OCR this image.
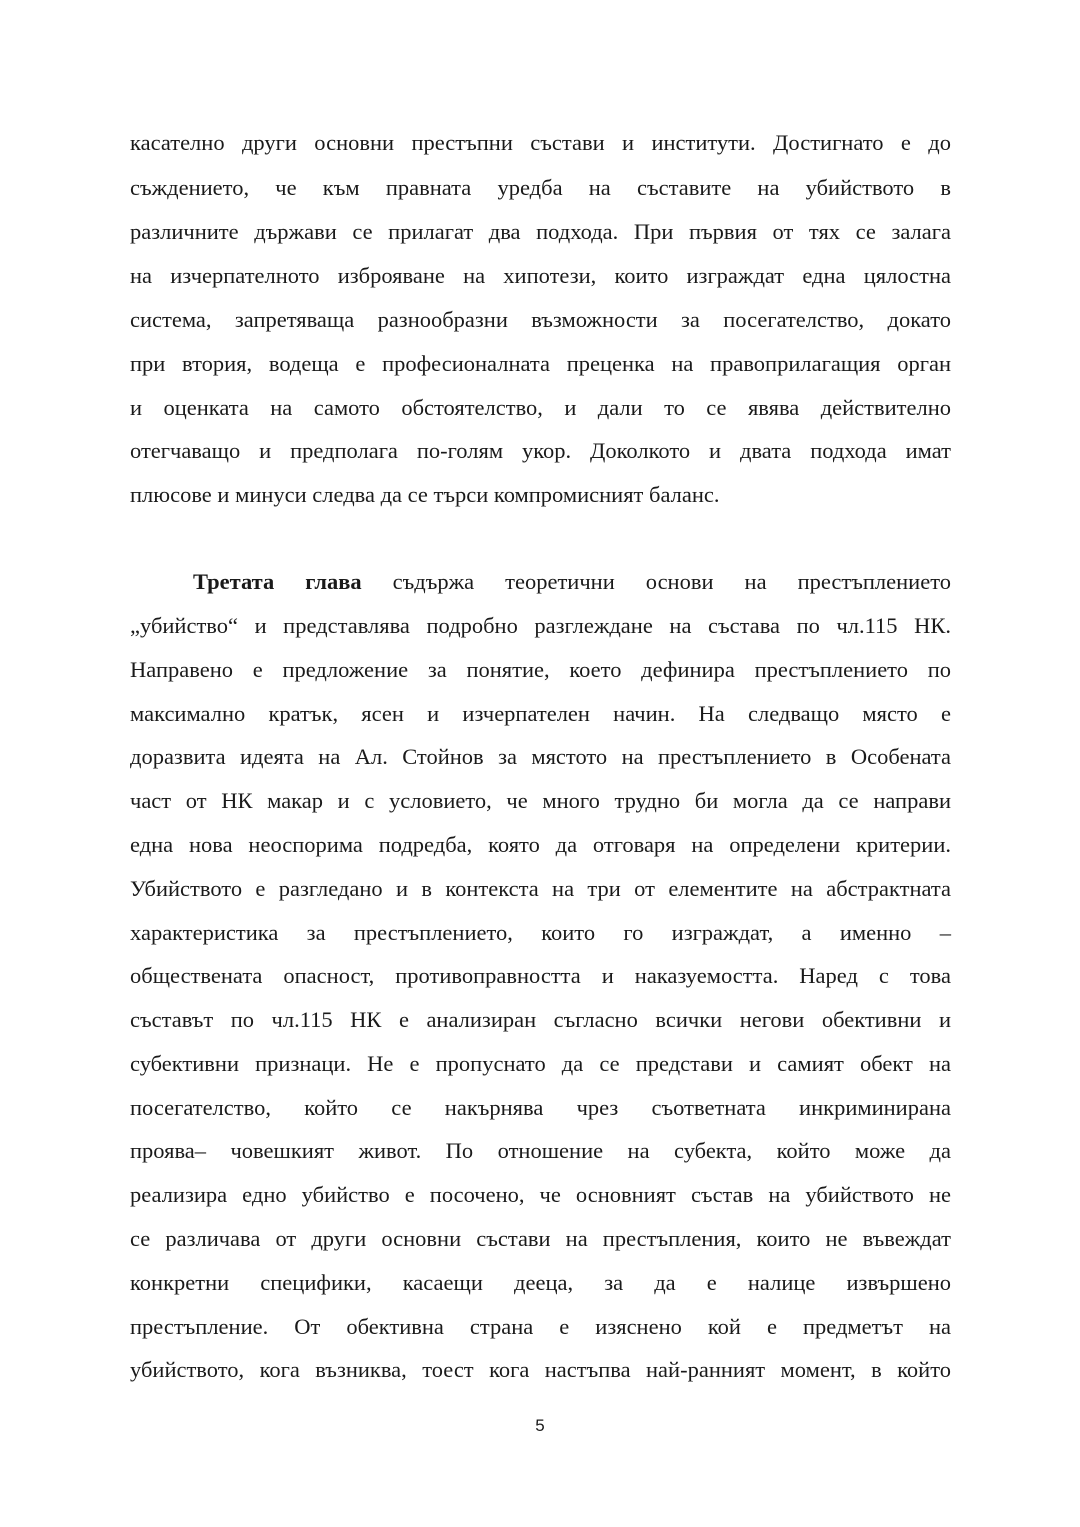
касателно други основни престъпни състави и институти. Достигнато е до
съждението, че към правната уредба на съставите на убийството в
различните държави се прилагат два подхода. При първия от тях се залага
на изчерпателното изброяване на хипотези, които изграждат една цялостна
система, запретяваща разнообразни възможности за посегателство, докато
при втория, водеща е професионалната преценка на правоприлагащия орган
и оценката на самото обстоятелство, и дали то се явява действително
отегчаващо и предполага по-голям укор. Доколкото и двата подхода имат
плюсове и минуси следва да се търси компромисният баланс.
Третата глава съдържа теоретични основи на престъплението
„убийство“ и представлява подробно разглеждане на състава по чл.115 НК.
Направено е предложение за понятие, което дефинира престъплението по
максимално кратък, ясен и изчерпателен начин. На следващо място е
доразвита идеята на Ал. Стойнов за мястото на престъплението в Особената
част от НК макар и с условието, че много трудно би могла да се направи
една нова неоспорима подредба, която да отговаря на определени критерии.
Убийството е разгледано и в контекста на три от елементите на абстрактната
характеристика за престъплението, които го изграждат, а именно –
обществената опасност, противоправността и наказуемостта. Наред с това
съставът по чл.115 НК е анализиран съгласно всички негови обективни и
субективни признаци. Не е пропуснато да се представи и самият обект на
посегателство, който се накърнява чрез съответната инкриминирана
проява– човешкият живот. По отношение на субекта, който може да
реализира едно убийство е посочено, че основният състав на убийството не
се различава от други основни състави на престъпления, които не въвеждат
конкретни специфики, касаещи дееца, за да е налице извършено
престъпление. От обективна страна е изяснено кой е предметът на
убийството, кога възниква, тоест кога настъпва най-ранният момент, в който
5
